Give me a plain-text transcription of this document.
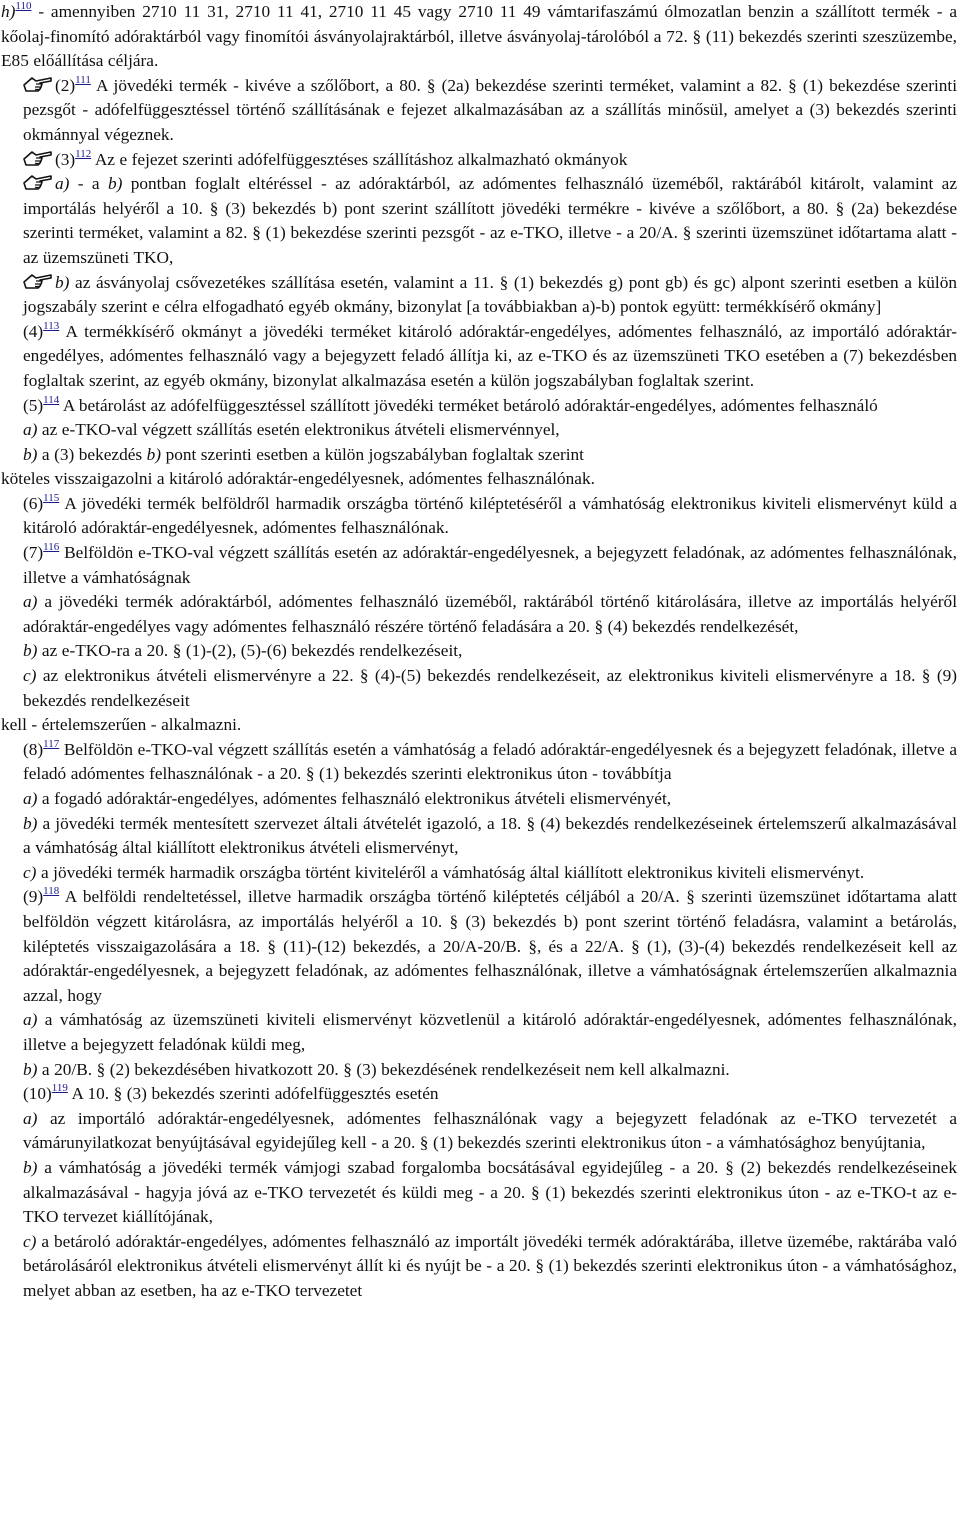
h)$^{110}$ - amennyiben 2710 11 31, 2710 11 41, 2710 11 45 vagy 2710 11 49 vámtarifaszámú ólmozatlan benzin a szállított termék - a kőolaj-finomító adóraktárból vagy finomítói ásványolajraktárból, illetve ásványolaj-tárolóból a 72. § (11) bekezdés szerinti szeszüzembe, E85 előállítása céljára.

(2)$^{111}$ A jövedéki termék - kivéve a szőlőbort, a 80. § (2a) bekezdése szerinti terméket, valamint a 82. § (1) bekezdése szerinti pezsgőt - adófelfüggesztéssel történő szállításának e fejezet alkalmazásában az a szállítás minősül, amelyet a (3) bekezdés szerinti okmánnyal végeznek.

(3)$^{112}$ Az e fejezet szerinti adófelfüggesztéses szállításhoz alkalmazható okmányok

a) - a b) pontban foglalt eltéréssel - az adóraktárból, az adómentes felhasználó üzeméből, raktárából kitárolt, valamint az importálás helyéről a 10. § (3) bekezdés b) pont szerint szállított jövedéki termékre - kivéve a szőlőbort, a 80. § (2a) bekezdése szerinti terméket, valamint a 82. § (1) bekezdése szerinti pezsgőt - az e-TKO, illetve - a 20/A. § szerinti üzemszünet időtartama alatt - az üzemszüneti TKO,

b) az ásványolaj csővezetékes szállítása esetén, valamint a 11. § (1) bekezdés g) pont gb) és gc) alpont szerinti esetben a külön jogszabály szerint e célra elfogadható egyéb okmány, bizonylat [a továbbiakban a)-b) pontok együtt: termékkísérő okmány]

(4)$^{113}$ A termékkísérő okmányt a jövedéki terméket kitároló adóraktár-engedélyes, adómentes felhasználó, az importáló adóraktár-engedélyes, adómentes felhasználó vagy a bejegyzett feladó állítja ki, az e-TKO és az üzemszüneti TKO esetében a (7) bekezdésben foglaltak szerint, az egyéb okmány, bizonylat alkalmazása esetén a külön jogszabályban foglaltak szerint.

(5)$^{114}$ A betárolást az adófelfüggesztéssel szállított jövedéki terméket betároló adóraktár-engedélyes, adómentes felhasználó

a) az e-TKO-val végzett szállítás esetén elektronikus átvételi elismervénnyel,

b) a (3) bekezdés b) pont szerinti esetben a külön jogszabályban foglaltak szerint

köteles visszaigazolni a kitároló adóraktár-engedélyesnek, adómentes felhasználónak.

(6)$^{115}$ A jövedéki termék belföldről harmadik országba történő kiléptetéséről a vámhatóság elektronikus kiviteli elismervényt küld a kitároló adóraktár-engedélyesnek, adómentes felhasználónak.

(7)$^{116}$ Belföldön e-TKO-val végzett szállítás esetén az adóraktár-engedélyesnek, a bejegyzett feladónak, az adómentes felhasználónak, illetve a vámhatóságnak

a) a jövedéki termék adóraktárból, adómentes felhasználó üzeméből, raktárából történő kitárolására, illetve az importálás helyéről adóraktár-engedélyes vagy adómentes felhasználó részére történő feladására a 20. § (4) bekezdés rendelkezését,

b) az e-TKO-ra a 20. § (1)-(2), (5)-(6) bekezdés rendelkezéseit,

c) az elektronikus átvételi elismervényre a 22. § (4)-(5) bekezdés rendelkezéseit, az elektronikus kiviteli elismervényre a 18. § (9) bekezdés rendelkezéseit

kell - értelemszerűen - alkalmazni.

(8)$^{117}$ Belföldön e-TKO-val végzett szállítás esetén a vámhatóság a feladó adóraktár-engedélyesnek és a bejegyzett feladónak, illetve a feladó adómentes felhasználónak - a 20. § (1) bekezdés szerinti elektronikus úton - továbbítja

a) a fogadó adóraktár-engedélyes, adómentes felhasználó elektronikus átvételi elismervényét,

b) a jövedéki termék mentesített szervezet általi átvételét igazoló, a 18. § (4) bekezdés rendelkezéseinek értelemszerű alkalmazásával a vámhatóság által kiállított elektronikus átvételi elismervényt,

c) a jövedéki termék harmadik országba történt kiviteléről a vámhatóság által kiállított elektronikus kiviteli elismervényt.

(9)$^{118}$ A belföldi rendeltetéssel, illetve harmadik országba történő kiléptetés céljából a 20/A. § szerinti üzemszünet időtartama alatt belföldön végzett kitárolásra, az importálás helyéről a 10. § (3) bekezdés b) pont szerint történő feladásra, valamint a betárolás, kiléptetés visszaigazolására a 18. § (11)-(12) bekezdés, a 20/A-20/B. §, és a 22/A. § (1), (3)-(4) bekezdés rendelkezéseit kell az adóraktár-engedélyesnek, a bejegyzett feladónak, az adómentes felhasználónak, illetve a vámhatóságnak értelemszerűen alkalmaznia azzal, hogy

a) a vámhatóság az üzemszüneti kiviteli elismervényt közvetlenül a kitároló adóraktár-engedélyesnek, adómentes felhasználónak, illetve a bejegyzett feladónak küldi meg,

b) a 20/B. § (2) bekezdésében hivatkozott 20. § (3) bekezdésének rendelkezéseit nem kell alkalmazni.

(10)$^{119}$ A 10. § (3) bekezdés szerinti adófelfüggesztés esetén

a) az importáló adóraktár-engedélyesnek, adómentes felhasználónak vagy a bejegyzett feladónak az e-TKO tervezetét a vámárunyilatkozat benyújtásával egyidejűleg kell - a 20. § (1) bekezdés szerinti elektronikus úton - a vámhatósághoz benyújtania,

b) a vámhatóság a jövedéki termék vámjogi szabad forgalomba bocsátásával egyidejűleg - a 20. § (2) bekezdés rendelkezéseinek alkalmazásával - hagyja jóvá az e-TKO tervezetét és küldi meg - a 20. § (1) bekezdés szerinti elektronikus úton - az e-TKO-t az e-TKO tervezet kiállítójának,

c) a betároló adóraktár-engedélyes, adómentes felhasználó az importált jövedéki termék adóraktárába, illetve üzemébe, raktárába való betárolásáról elektronikus átvételi elismervényt állít ki és nyújt be - a 20. § (1) bekezdés szerinti elektronikus úton - a vámhatósághoz, melyet abban az esetben, ha az e-TKO tervezetet
